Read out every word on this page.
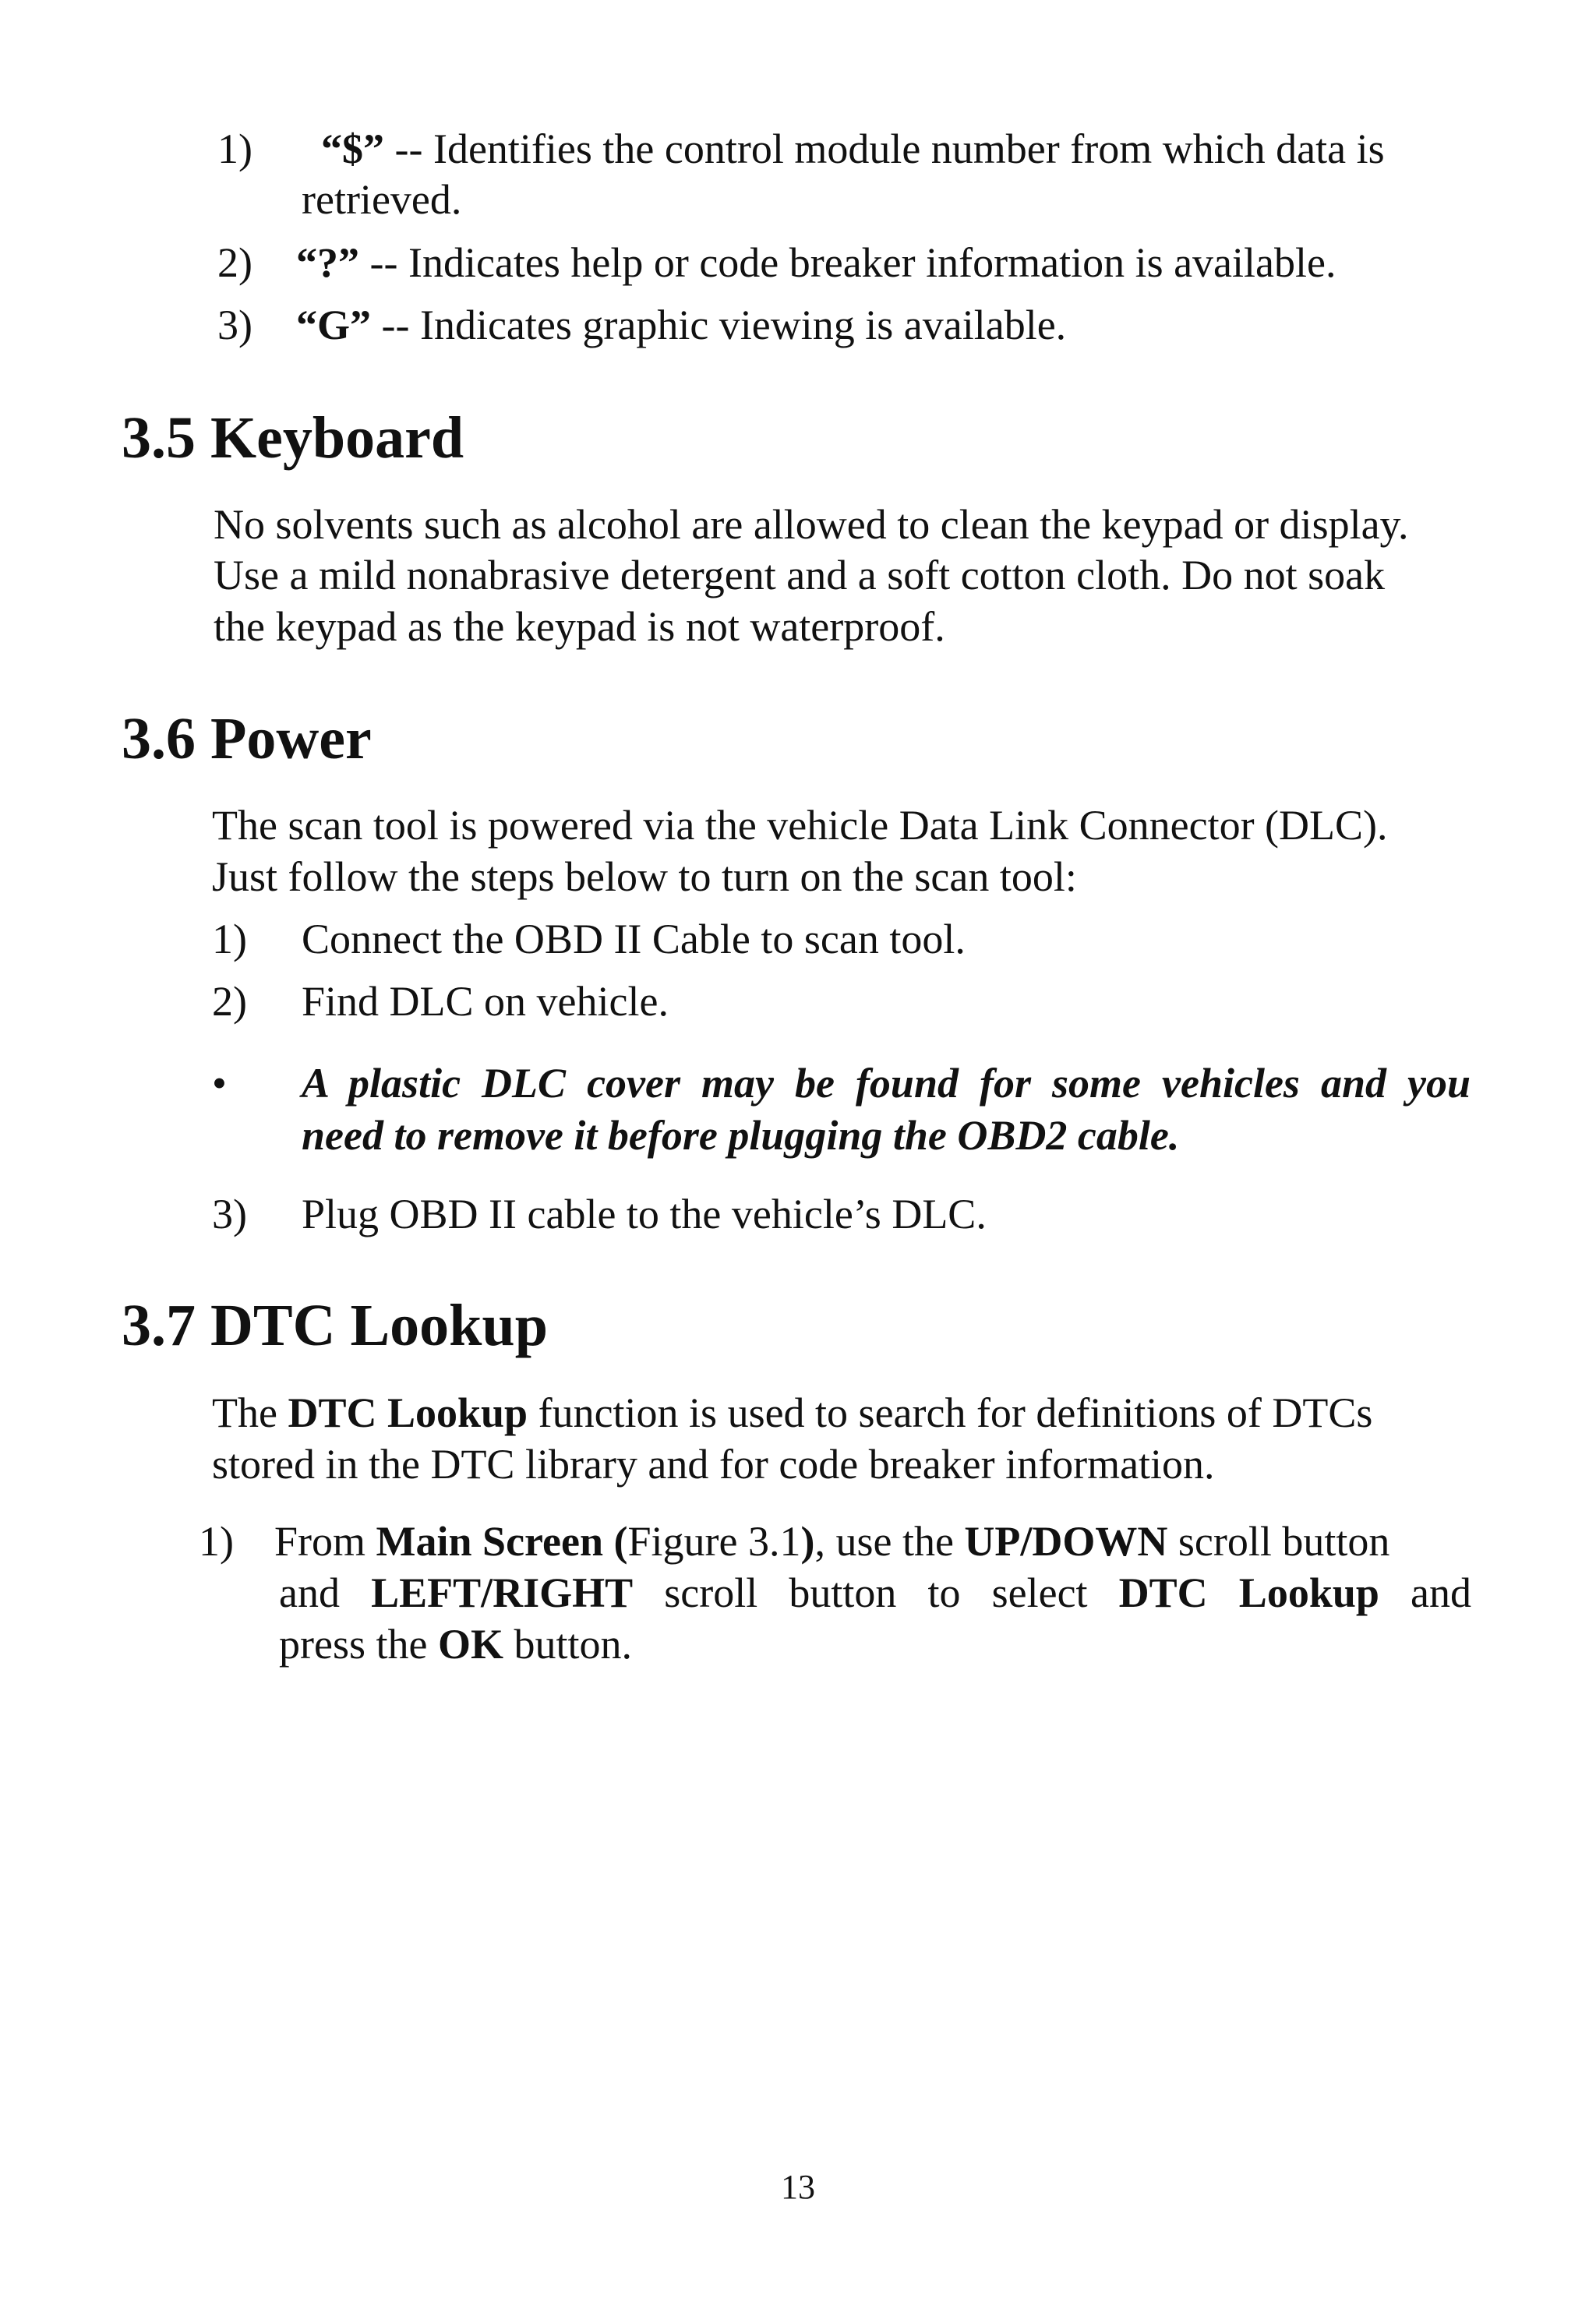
1) “$” -- Identifies the control module number from which data is
retrieved.
2) “?” -- Indicates help or code breaker information is available.
3) “G” -- Indicates graphic viewing is available.
3.5 Keyboard
No solvents such as alcohol are allowed to clean the keypad or display.
Use a mild nonabrasive detergent and a soft cotton cloth. Do not soak
the keypad as the keypad is not waterproof.
3.6 Power
The scan tool is powered via the vehicle Data Link Connector (DLC).
Just follow the steps below to turn on the scan tool:
1) Connect the OBD II Cable to scan tool.
2) Find DLC on vehicle.
• A plastic DLC cover may be found for some vehicles and you
need to remove it before plugging the OBD2 cable.
3) Plug OBD II cable to the vehicle’s DLC.
3.7 DTC Lookup
The DTC Lookup function is used to search for definitions of DTCs
stored in the DTC library and for code breaker information.
1) From Main Screen (Figure 3.1), use the UP/DOWN scroll button
and LEFT/RIGHT scroll button to select DTC Lookup and
press the OK button.
13
